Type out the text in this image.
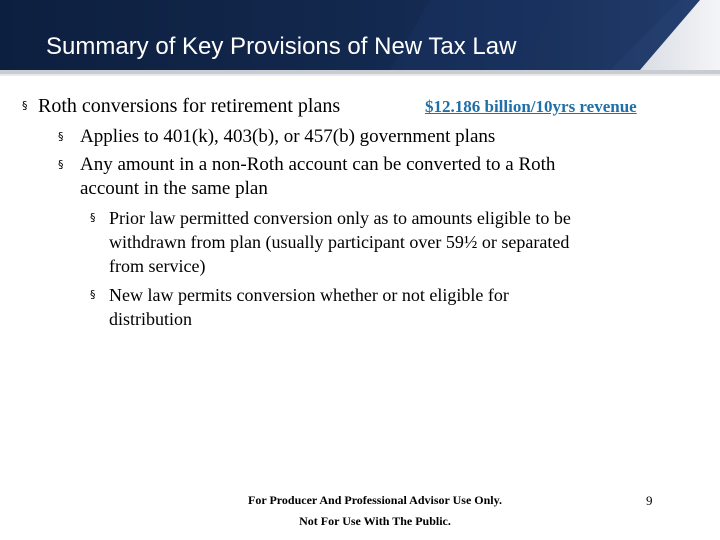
Summary of Key Provisions of New Tax Law
§ Roth conversions for retirement plans	$12.186 billion/10yrs revenue
§ Applies to 401(k), 403(b), or 457(b) government plans
§ Any amount in a non-Roth account can be converted to a Roth
account in the same plan
§ Prior law permitted conversion only as to amounts eligible to be
withdrawn from plan (usually participant over 59½ or separated
from service)
§ New law permits conversion whether or not eligible for
distribution
For Producer And Professional Advisor Use Only.
Not For Use With The Public.
9
